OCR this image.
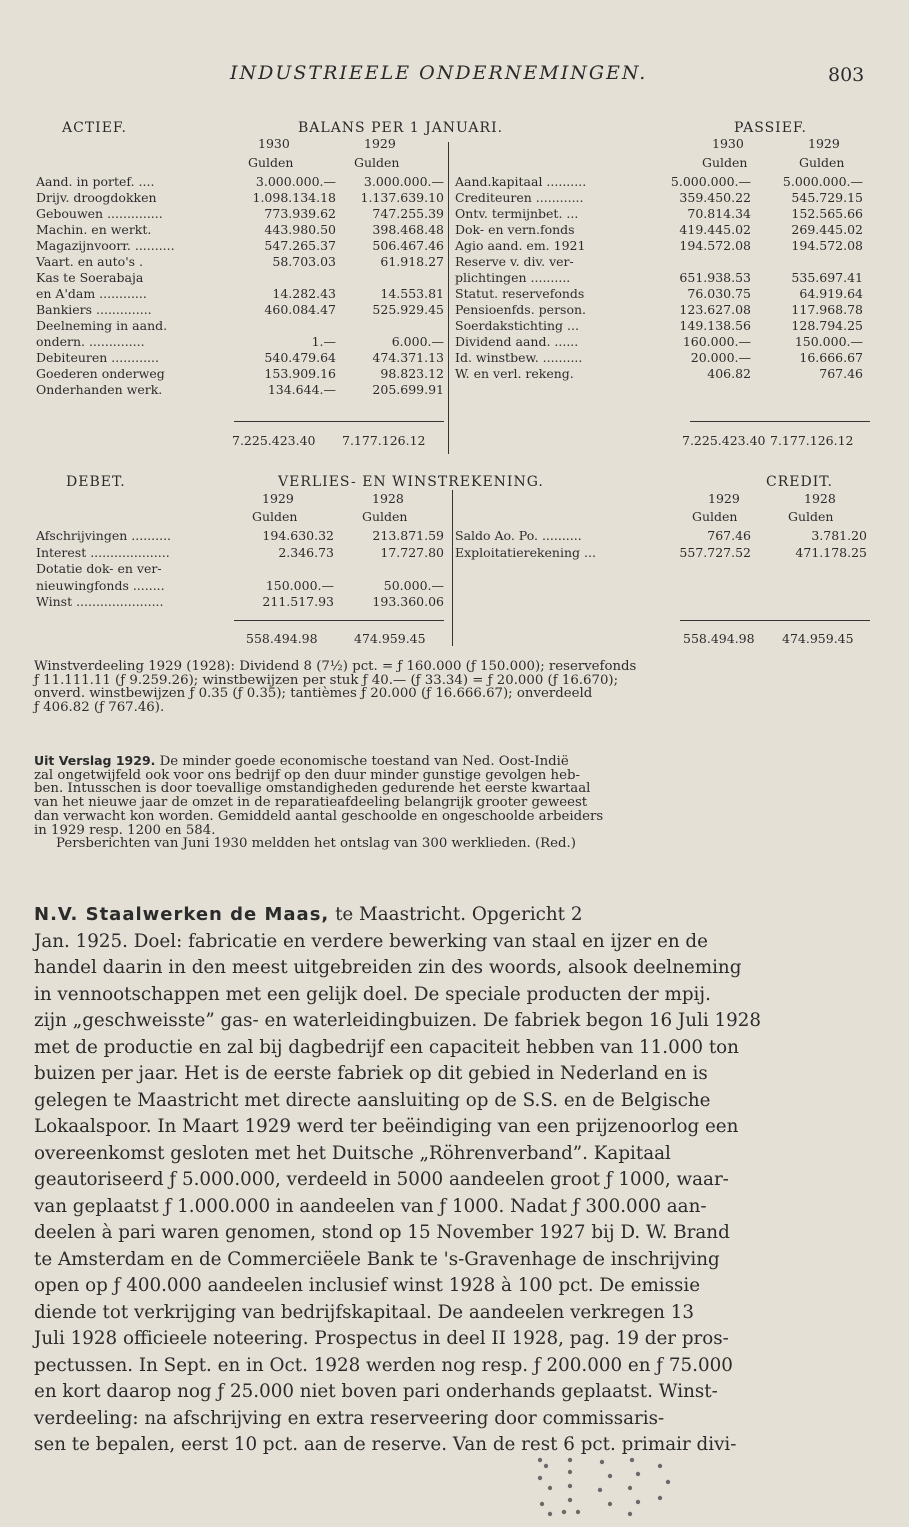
INDUSTRIEELE ONDERNEMINGEN.	803
ACTIEF.	BALANS PER 1 JANUARI.	PASSIEF.
1930	1929
Gulden	Gulden
1930	1929
Gulden	Gulden
Aand. in portef. ....	3.000.000.— 3.000.000.—
Drijv. droogdokken	1.098.134.18 1.137.639.10
Gebouwen ..............	773.939.62	747.255.39
Machin. en werkt.	443.980.50	398.468.48
Magazijnvoorr. ..........	547.265.37	506.467.46
Vaart. en auto's .	58.703.03	61.918.27
Kas te Soerabaja
en A'dam ............	14.282.43	14.553.81
Bankiers ..............	460.084.47	525.929.45
Deelneming in aand.
ondern. ..............	1.—	6.000.—
Debiteuren ............	540.479.64	474.371.13
Goederen onderweg	153.909.16	98.823.12
Onderhanden werk.	134.644.—	205.699.91
Aand.kapitaal ..........	5.000.000.—	5.000.000.—
Crediteuren ............	359.450.22	545.729.15
Ontv. termijnbet. ...	70.814.34	152.565.66
Dok- en vern.fonds	419.445.02	269.445.02
Agio aand. em. 1921	194.572.08	194.572.08
Reserve v. div. ver-
plichtingen ..........	651.938.53	535.697.41
Statut. reservefonds	76.030.75	64.919.64
Pensioenfds. person.	123.627.08	117.968.78
Soerdakstichting ...	149.138.56	128.794.25
Dividend aand. ......	160.000.—	150.000.—
Id. winstbew. ..........	20.000.—	16.666.67
W. en verl. rekeng.	406.82	767.46
7.225.423.40 7.177.126.12	7.225.423.40 7.177.126.12
DEBET.	VERLIES- EN WINSTREKENING.	CREDIT.
1929	1928
Gulden	Gulden
1929	1928
Gulden	Gulden
Afschrijvingen ..........	194.630.32	213.871.59
Interest ....................	2.346.73	17.727.80
Dotatie dok- en ver-
nieuwingfonds ........	150.000.—	50.000.—
Winst ......................	211.517.93	193.360.06
Saldo Ao. Po. ..........	767.46	3.781.20
Exploitatierekening ...	557.727.52	471.178.25
558.494.98	474.959.45	558.494.98 474.959.45
Winstverdeeling 1929 (1928): Dividend 8 (7½) pct. = ƒ 160.000 (ƒ 150.000); reservefonds
ƒ 11.111.11 (ƒ 9.259.26); winstbewijzen per stuk ƒ 40.— (ƒ 33.34) = ƒ 20.000 (ƒ 16.670);
onverd. winstbewijzen ƒ 0.35 (ƒ 0.35); tantièmes ƒ 20.000 (ƒ 16.666.67); onverdeeld
ƒ 406.82 (ƒ 767.46).
Uit Verslag 1929. De minder goede economische toestand van Ned. Oost-Indië
zal ongetwijfeld ook voor ons bedrijf op den duur minder gunstige gevolgen heb-
ben. Intusschen is door toevallige omstandigheden gedurende het eerste kwartaal
van het nieuwe jaar de omzet in de reparatieafdeeling belangrijk grooter geweest
dan verwacht kon worden. Gemiddeld aantal geschoolde en ongeschoolde arbeiders
in 1929 resp. 1200 en 584.
Persberichten van Juni 1930 meldden het ontslag van 300 werklieden. (Red.)
N.V. Staalwerken de Maas, te Maastricht. Opgericht 2
Jan. 1925. Doel: fabricatie en verdere bewerking van staal en ijzer en de
handel daarin in den meest uitgebreiden zin des woords, alsook deelneming
in vennootschappen met een gelijk doel. De speciale producten der mpij.
zijn „geschweisste” gas- en waterleidingbuizen. De fabriek begon 16 Juli 1928
met de productie en zal bij dagbedrijf een capaciteit hebben van 11.000 ton
buizen per jaar. Het is de eerste fabriek op dit gebied in Nederland en is
gelegen te Maastricht met directe aansluiting op de S.S. en de Belgische
Lokaalspoor. In Maart 1929 werd ter beëindiging van een prijzenoorlog een
overeenkomst gesloten met het Duitsche „Röhrenverband”. Kapitaal
geautoriseerd ƒ 5.000.000, verdeeld in 5000 aandeelen groot ƒ 1000, waar-
van geplaatst ƒ 1.000.000 in aandeelen van ƒ 1000. Nadat ƒ 300.000 aan-
deelen à pari waren genomen, stond op 15 November 1927 bij D. W. Brand
te Amsterdam en de Commerciëele Bank te 's-Gravenhage de inschrijving
open op ƒ 400.000 aandeelen inclusief winst 1928 à 100 pct. De emissie
diende tot verkrijging van bedrijfskapitaal. De aandeelen verkregen 13
Juli 1928 officieele noteering. Prospectus in deel II 1928, pag. 19 der pros-
pectussen. In Sept. en in Oct. 1928 werden nog resp. ƒ 200.000 en ƒ 75.000
en kort daarop nog ƒ 25.000 niet boven pari onderhands geplaatst. Winst-
verdeeling: na afschrijving en extra reserveering door commissaris-
sen te bepalen, eerst 10 pct. aan de reserve. Van de rest 6 pct. primair divi-
